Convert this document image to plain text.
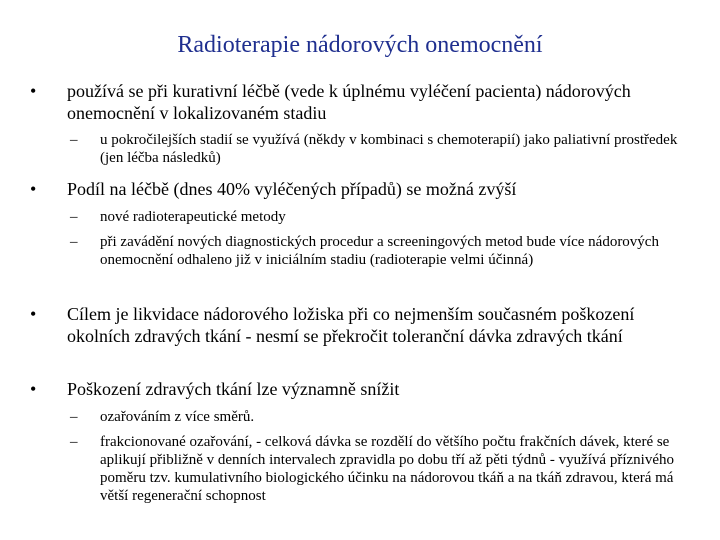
Radioterapie nádorových onemocnění
• používá se při kurativní léčbě (vede k úplnému vyléčení pacienta) nádorových onemocnění v lokalizovaném stadiu
– u pokročilejších stadií se využívá (někdy v kombinaci s chemoterapií) jako paliativní prostředek (jen léčba následků)
• Podíl na léčbě (dnes 40% vyléčených případů) se možná zvýší
– nové radioterapeutické metody
– při zavádění nových diagnostických procedur a screeningových metod bude více nádorových onemocnění odhaleno již v iniciálním stadiu (radioterapie velmi účinná)
• Cílem je likvidace nádorového ložiska při co nejmenším současném poškození okolních zdravých tkání - nesmí se překročit toleranční dávka zdravých tkání
• Poškození zdravých tkání lze významně snížit
– ozařováním z více směrů.
– frakcionované ozařování, - celková dávka se rozdělí do většího počtu frakčních dávek, které se aplikují přibližně v denních intervalech zpravidla po dobu tří až pěti týdnů - využívá příznivého poměru tzv. kumulativního biologického účinku na nádorovou tkáň a na tkáň zdravou, která má větší regenerační schopnost
